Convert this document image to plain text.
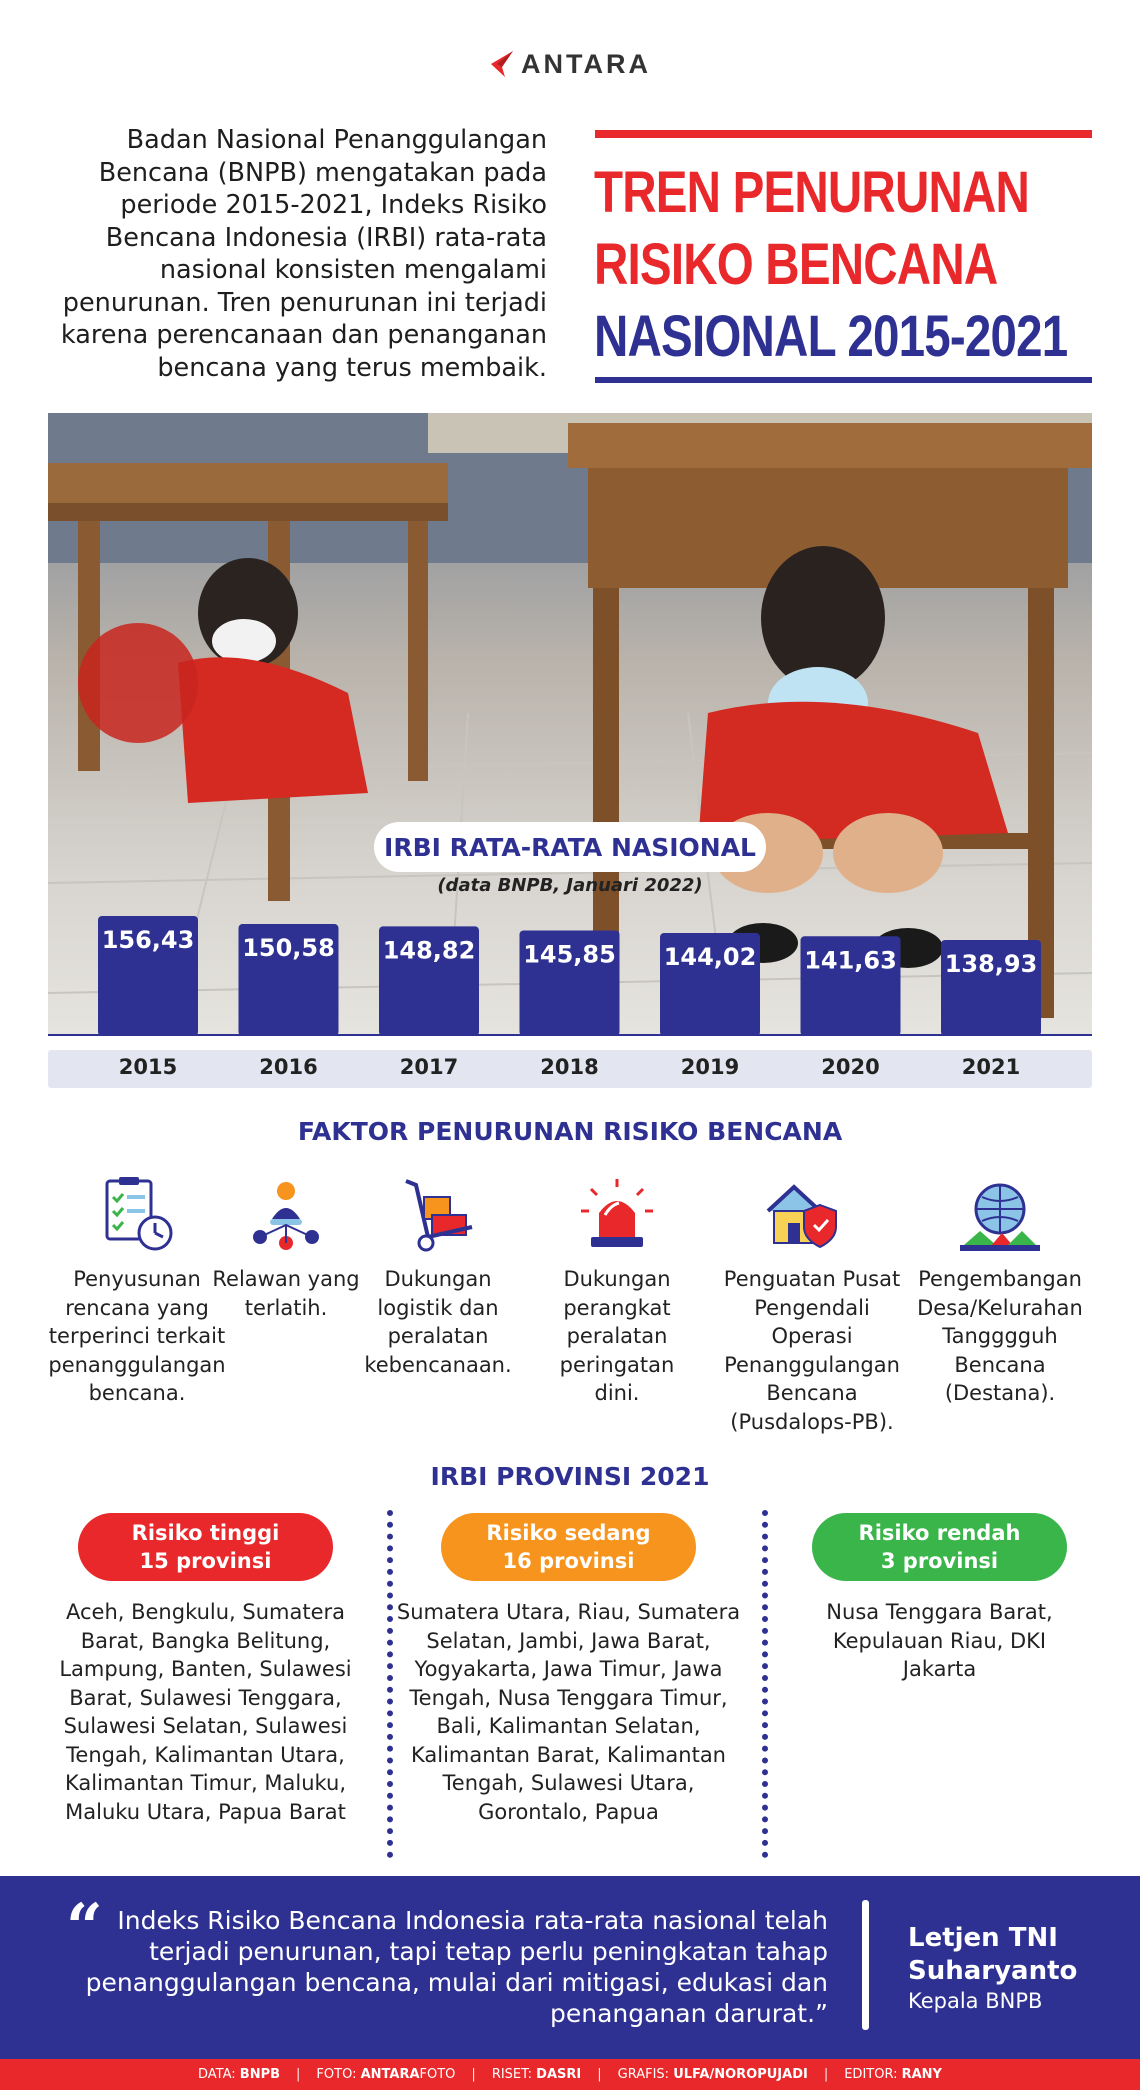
ANTARA
Badan Nasional Penanggulangan Bencana (BNPB) mengatakan pada periode 2015-2021, Indeks Risiko Bencana Indonesia (IRBI) rata-rata nasional konsisten mengalami penurunan. Tren penurunan ini terjadi karena perencanaan dan penanganan bencana yang terus membaik.
TREN PENURUNAN
RISIKO BENCANA
NASIONAL 2015-2021
IRBI RATA-RATA NASIONAL
(data BNPB, Januari 2022)
156,43 150,58 148,82 145,85 144,02 141,63 138,93
2015	2016	2017	2018	2019	2020	2021
FAKTOR PENURUNAN RISIKO BENCANA
Penyusunan rencana yang terperinci terkait penanggulangan bencana.
Relawan yang terlatih.
Dukungan logistik dan peralatan kebencanaan.
Dukungan perangkat peralatan peringatan dini.
Penguatan Pusat Pengendali Operasi Penanggulangan Bencana (Pusdalops-PB).
Pengembangan Desa/Kelurahan Tangggguh Bencana (Destana).
IRBI PROVINSI 2021
Risiko tinggi
15 provinsi
Aceh, Bengkulu, Sumatera Barat, Bangka Belitung, Lampung, Banten, Sulawesi Barat, Sulawesi Tenggara, Sulawesi Selatan, Sulawesi Tengah, Kalimantan Utara, Kalimantan Timur, Maluku, Maluku Utara, Papua Barat
Risiko sedang
16 provinsi
Sumatera Utara, Riau, Sumatera Selatan, Jambi, Jawa Barat, Yogyakarta, Jawa Timur, Jawa Tengah, Nusa Tenggara Timur, Bali, Kalimantan Selatan, Kalimantan Barat, Kalimantan Tengah, Sulawesi Utara, Gorontalo, Papua
Risiko rendah
3 provinsi
Nusa Tenggara Barat, Kepulauan Riau, DKI Jakarta
“ Indeks Risiko Bencana Indonesia rata-rata nasional telah terjadi penurunan, tapi tetap perlu peningkatan tahap penanggulangan bencana, mulai dari mitigasi, edukasi dan penanganan darurat.”
Letjen TNI
Suharyanto
Kepala BNPB
DATA: BNPB	|	FOTO: ANTARAFOTO	|	RISET: DASRI	|	GRAFIS: ULFA/NOROPUJADI	|	EDITOR: RANY
